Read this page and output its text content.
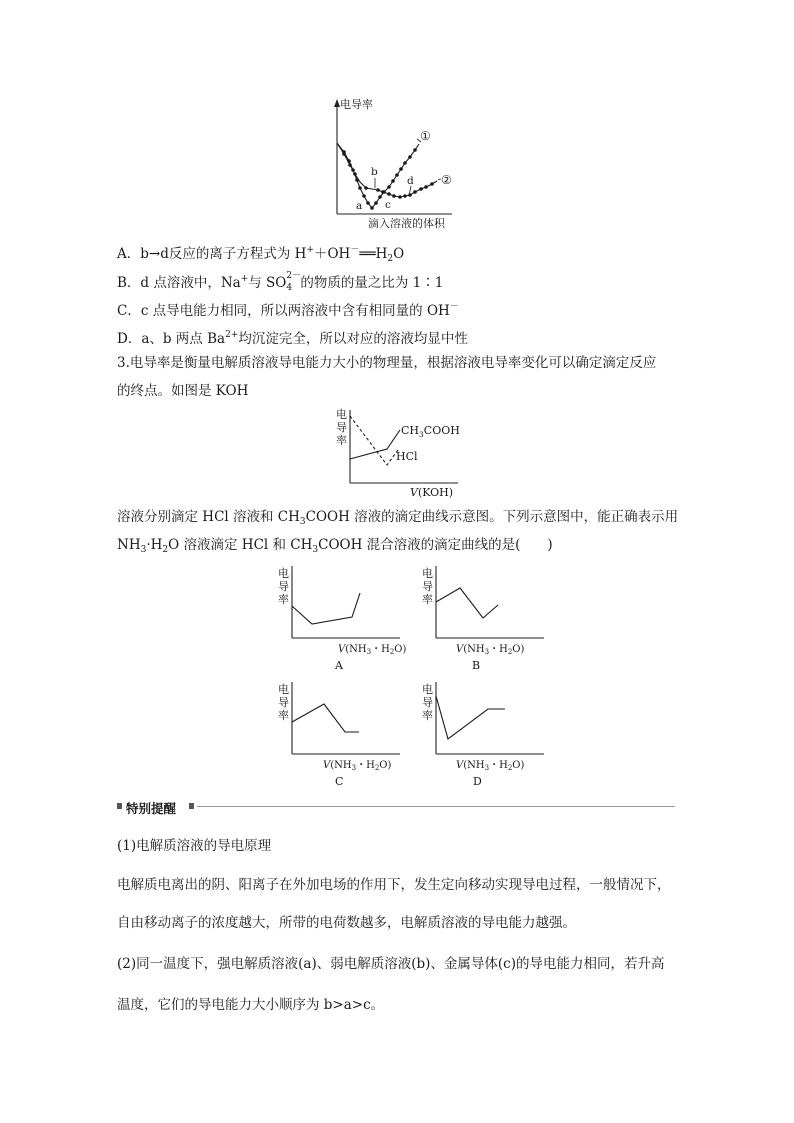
电导率
滴入溶液的体积
a
b
c
d
①
②
A．b→d反应的离子方程式为 $H^++OH^-══H_2O$
B．d 点溶液中，Na+与 SO 2－
4 的物质的量之比为 1∶1
C．c 点导电能力相同，所以两溶液中含有相同量的 OH－
D．a、b 两点 $Ba^{2+}$均沉淀完全，所以对应的溶液均显中性
3.电导率是衡量电解质溶液导电能力大小的物理量，根据溶液电导率变化可以确定滴定反应
的终点。如图是 KOH
电
导
率
$CH_3COOH$
HCl
V(KOH)
溶液分别滴定 HCl 溶液和 $CH_3COOH$ 溶液的滴定曲线示意图。下列示意图中，能正确表示用
$NH_3\cdot H_2O$ 溶液滴定 HCl 和 $CH_3COOH$ 混合溶液的滴定曲线的是(　　)
电
导
率
$V(NH_3$・$H_2O$)
A
电
导
率
$V(NH_3$・$H_2O$)
B
电
导
率
$V(NH_3$・$H_2O$)
C
电
导
率
$V(NH_3$・$H_2O$)
D
特别提醒
(1)电解质溶液的导电原理
电解质电离出的阴、阳离子在外加电场的作用下，发生定向移动实现导电过程，一般情况下，
自由移动离子的浓度越大，所带的电荷数越多，电解质溶液的导电能力越强。
(2)同一温度下，强电解质溶液(a)、弱电解质溶液(b)、金属导体(c)的导电能力相同，若升高
温度，它们的导电能力大小顺序为 b>a>c。
